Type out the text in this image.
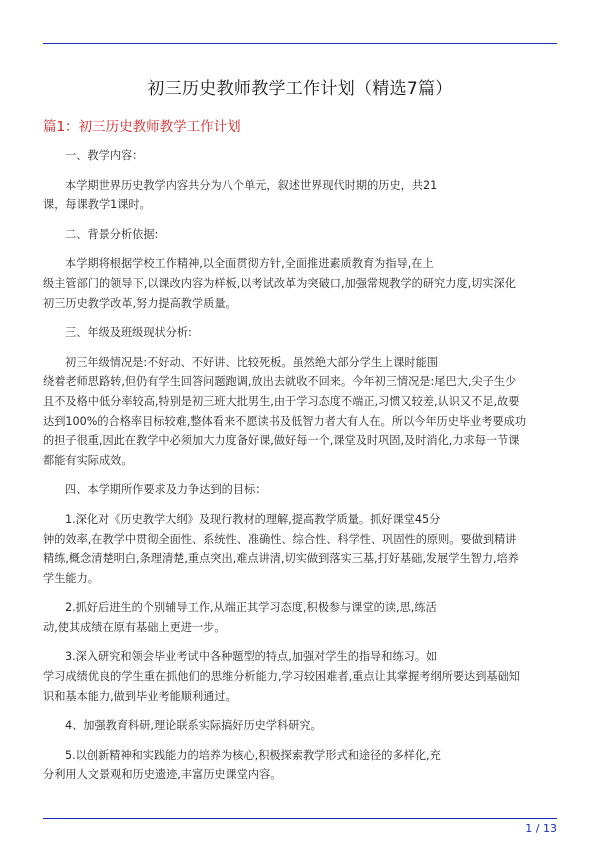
初三历史教师教学工作计划（精选7篇）
篇1：初三历史教师教学工作计划

一、教学内容：

本学期世界历史教学内容共分为八个单元，叙述世界现代时期的历史，共21
课，每课教学1课时。

二、背景分析依据:

本学期将根据学校工作精神,以全面贯彻方针,全面推进素质教育为指导,在上
级主管部门的领导下,以课改内容为样板,以考试改革为突破口,加强常规教学的研究力度,切实深化
初三历史教学改革,努力提高教学质量。

三、年级及班级现状分析:

初三年级情况是:不好动、不好讲、比较死板。虽然绝大部分学生上课时能围
绕着老师思路转,但仍有学生回答问题跑调,放出去就收不回来。今年初三情况是:尾巴大,尖子生少
且不及格中低分率较高,特别是初三班大批男生,由于学习态度不端正,习惯又较差,认识又不足,故要
达到100%的合格率目标较难,整体看来不愿读书及低智力者大有人在。所以今年历史毕业考要成功
的担子很重,因此在教学中必须加大力度备好课,做好每一个,课堂及时巩固,及时消化,力求每一节课
都能有实际成效。

四、本学期所作要求及力争达到的目标：

1.深化对《历史教学大纲》及现行教材的理解,提高教学质量。抓好课堂45分
钟的效率,在教学中贯彻全面性、系统性、准确性、综合性、科学性、巩固性的原则。要做到精讲
精练,概念清楚明白,条理清楚,重点突出,难点讲清,切实做到落实三基,打好基础,发展学生智力,培养
学生能力。

2.抓好后进生的个别辅导工作,从端正其学习态度,积极参与课堂的读,思,练活
动,使其成绩在原有基础上更进一步。

3.深入研究和领会毕业考试中各种题型的特点,加强对学生的指导和练习。如
学习成绩优良的学生重在抓他们的思维分析能力,学习较困难者,重点让其掌握考纲所要达到基础知
识和基本能力,做到毕业考能顺利通过。

4、加强教育科研,理论联系实际搞好历史学科研究。

5.以创新精神和实践能力的培养为核心,积极探索教学形式和途径的多样化,充
分利用人文景观和历史遗迹,丰富历史课堂内容。

1 / 13
